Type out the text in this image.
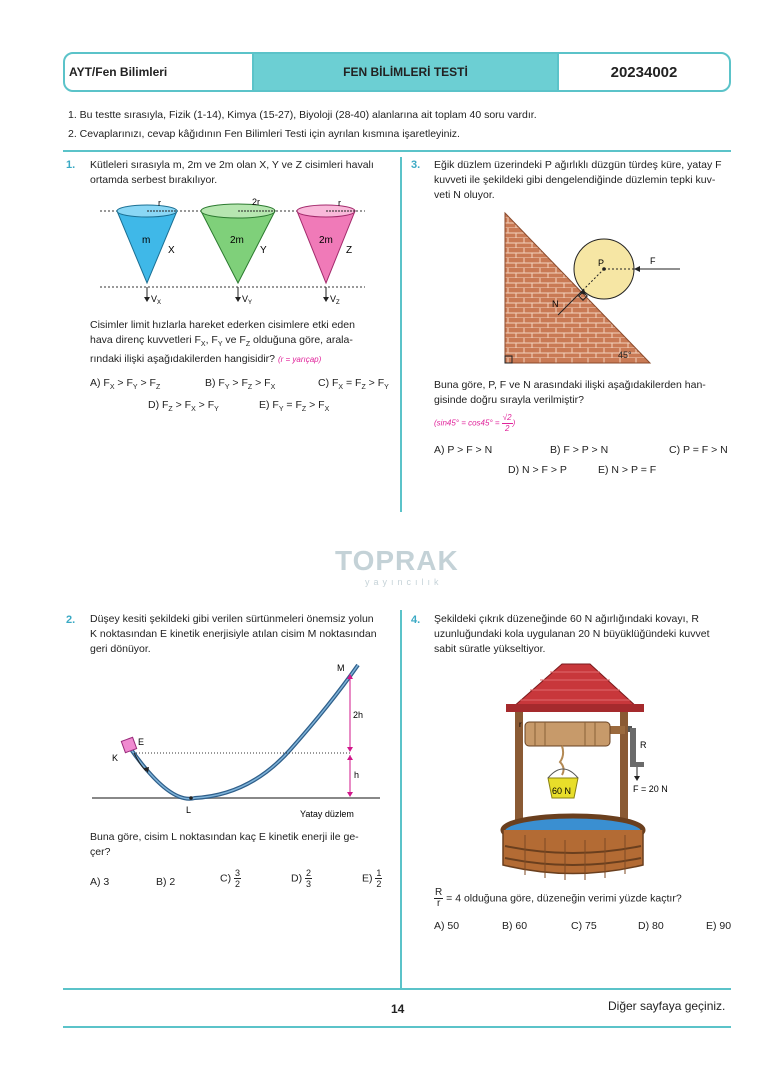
AYT/Fen Bilimleri	FEN BİLİMLERİ TESTİ	20234002
1. Bu testte sırasıyla, Fizik (1-14), Kimya (15-27), Biyoloji (28-40) alanlarına ait toplam 40 soru vardır.
2. Cevaplarınızı, cevap kâğıdının Fen Bilimleri Testi için ayrılan kısmına işaretleyiniz.
1. Kütleleri sırasıyla m, 2m ve 2m olan X, Y ve Z cisimleri havalı
ortamda serbest bırakılıyor.
r
m
X
V X
2r
2m
Y
V Y
r
2m
Z
V Z
Cisimler limit hızlarla hareket ederken cisimlere etki eden
hava direnç kuvvetleri $F_X$, $F_Y$ ve $F_Z$ olduğuna göre, arala-
rındaki ilişki aşağıdakilerden hangisidir? (r = yarıçap)
A) $F_X > F_Y > F_Z$	B) $F_Y > F_Z > F_X$	C) $F_X = F_Z > F_Y$
D) $F_Z > F_X > F_Y$	E) $F_Y = F_Z > F_X$
3. Eğik düzlem üzerindeki P ağırlıklı düzgün türdeş küre, yatay F
kuvveti ile şekildeki gibi dengelendiğinde düzlemin tepki kuv-
veti N oluyor.
45°
P	F
N
Buna göre, P, F ve N arasındaki ilişki aşağıdakilerden han-
gisinde doğru sırayla verilmiştir?
($\sin 45^\circ = \cos 45^\circ = \frac{√2}{2}$ )
A) P > F > N	B) F > P > N	C) P = F > N
D) N > F > P	E) N > P = F
TOPRAK
yayıncılık
2. Düşey kesiti şekildeki gibi verilen sürtünmeleri önemsiz yolun
K noktasından E kinetik enerjisiyle atılan cisim M noktasından
geri dönüyor.
L	Yatay düzlem
E
K
M
2h
h
Buna göre, cisim L noktasından kaç E kinetik enerji ile ge-
çer?
A) 3	B) 2	$C) \frac{3}{2}$	$D) \frac{2}{3}$	$E) \frac{1}{2}$
4. Şekildeki çıkrık düzeneğinde 60 N ağırlığındaki kovayı, R
uzunluğundaki kola uygulanan 20 N büyüklüğündeki kuvvet
sabit süratle yükseltiyor.
r
R
F = 20 N
60 N
$\frac{R}{r} = 4$ olduğuna göre, düzeneğin verimi yüzde kaçtır?
A) 50	B) 60	C) 75	D) 80	E) 90
14	Diğer sayfaya geçiniz.
